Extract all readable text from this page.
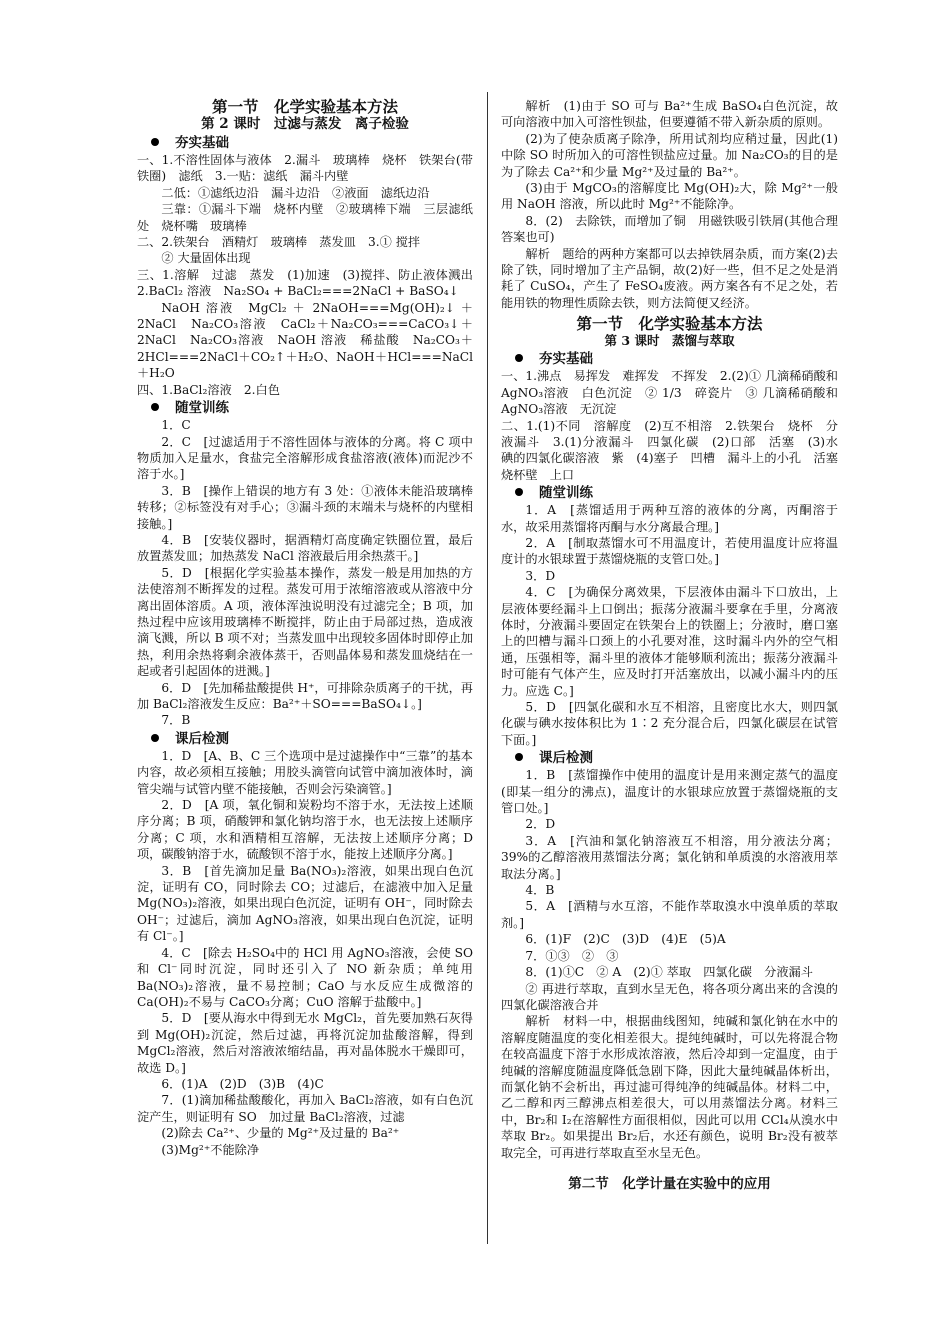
第一节　化学实验基本方法

第 2 课时　过滤与蒸发　离子检验

夯实基础

一、1.不溶性固体与液体　2.漏斗　玻璃棒　烧杯　铁架台(带铁圈)　滤纸　3.一贴：滤纸　漏斗内壁

二低：①滤纸边沿　漏斗边沿　②液面　滤纸边沿

三靠：①漏斗下端　烧杯内壁　②玻璃棒下端　三层滤纸处　烧杯嘴　玻璃棒

二、2.铁架台　酒精灯　玻璃棒　蒸发皿　3.① 搅拌

② 大量固体出现

三、1.溶解　过滤　蒸发　(1)加速　(3)搅拌、防止液体溅出　2.BaCl₂ 溶液　Na₂SO₄ + BaCl₂===2NaCl + BaSO₄↓

NaOH 溶液　MgCl₂ ＋ 2NaOH===Mg(OH)₂↓ ＋ 2NaCl　Na₂CO₃溶液　CaCl₂＋Na₂CO₃===CaCO₃↓＋2NaCl　Na₂CO₃溶液　NaOH 溶液　稀盐酸　Na₂CO₃＋2HCl===2NaCl＋CO₂↑＋H₂O、NaOH＋HCl===NaCl＋H₂O

四、1.BaCl₂溶液　2.白色

随堂训练

1．C

2．C　[过滤适用于不溶性固体与液体的分离。将 C 项中物质加入足量水，食盐完全溶解形成食盐溶液(液体)而泥沙不溶于水。]

3．B　[操作上错误的地方有 3 处：①液体未能沿玻璃棒转移；②标签没有对手心；③漏斗颈的末端未与烧杯的内壁相接触。]

4．B　[安装仪器时，据酒精灯高度确定铁圈位置，最后放置蒸发皿；加热蒸发 NaCl 溶液最后用余热蒸干。]

5．D　[根据化学实验基本操作，蒸发一般是用加热的方法使溶剂不断挥发的过程。蒸发可用于浓缩溶液或从溶液中分离出固体溶质。A 项，液体浑浊说明没有过滤完全；B 项，加热过程中应该用玻璃棒不断搅拌，防止由于局部过热，造成液滴飞溅，所以 B 项不对；当蒸发皿中出现较多固体时即停止加热，利用余热将剩余液体蒸干，否则晶体易和蒸发皿烧结在一起或者引起固体的迸溅。]

6．D　[先加稀盐酸提供 H⁺，可排除杂质离子的干扰，再加 BaCl₂溶液发生反应：Ba²⁺＋SO===BaSO₄↓。]

7．B

课后检测

1．D　[A、B、C 三个选项中是过滤操作中“三靠”的基本内容，故必须相互接触；用胶头滴管向试管中滴加液体时，滴管尖端与试管内壁不能接触，否则会污染滴管。]

2．D　[A 项，氧化铜和炭粉均不溶于水，无法按上述顺序分离；B 项，硝酸钾和氯化钠均溶于水，也无法按上述顺序分离；C 项，水和酒精相互溶解，无法按上述顺序分离；D 项，碳酸钠溶于水，硫酸钡不溶于水，能按上述顺序分离。]

3．B　[首先滴加足量 Ba(NO₃)₂溶液，如果出现白色沉淀，证明有 CO，同时除去 CO；过滤后，在滤液中加入足量 Mg(NO₃)₂溶液，如果出现白色沉淀，证明有 OH⁻，同时除去 OH⁻；过滤后，滴加 AgNO₃溶液，如果出现白色沉淀，证明有 Cl⁻。]

4．C　[除去 H₂SO₄中的 HCl 用 AgNO₃溶液，会使 SO 和 Cl⁻同时沉淀，同时还引入了 NO 新杂质；单纯用 Ba(NO₃)₂溶液，量不易控制；CaO 与水反应生成微溶的 Ca(OH)₂不易与 CaCO₃分离；CuO 溶解于盐酸中。]

5．D　[要从海水中得到无水 MgCl₂，首先要加熟石灰得到 Mg(OH)₂沉淀，然后过滤，再将沉淀加盐酸溶解，得到 MgCl₂溶液，然后对溶液浓缩结晶，再对晶体脱水干燥即可，故选 D。]

6．(1)A　(2)D　(3)B　(4)C

7．(1)滴加稀盐酸酸化，再加入 BaCl₂溶液，如有白色沉淀产生，则证明有 SO　加过量 BaCl₂溶液，过滤

(2)除去 Ca²⁺、少量的 Mg²⁺及过量的 Ba²⁺

(3)Mg²⁺不能除净

解析　(1)由于 SO 可与 Ba²⁺生成 BaSO₄白色沉淀，故可向溶液中加入可溶性钡盐，但要遵循不带入新杂质的原则。

(2)为了使杂质离子除净，所用试剂均应稍过量，因此(1)中除 SO 时所加入的可溶性钡盐应过量。加 Na₂CO₃的目的是为了除去 Ca²⁺和少量 Mg²⁺及过量的 Ba²⁺。

(3)由于 MgCO₃的溶解度比 Mg(OH)₂大，除 Mg²⁺一般用 NaOH 溶液，所以此时 Mg²⁺不能除净。

8．(2)　去除铁，而增加了铜　用磁铁吸引铁屑(其他合理答案也可)

解析　题给的两种方案都可以去掉铁屑杂质，而方案(2)去除了铁，同时增加了主产品铜，故(2)好一些，但不足之处是消耗了 CuSO₄，产生了 FeSO₄废液。两方案各有不足之处，若能用铁的物理性质除去铁，则方法简便又经济。

第一节　化学实验基本方法

第 3 课时　蒸馏与萃取

夯实基础

一、1.沸点　易挥发　难挥发　不挥发　2.(2)① 几滴稀硝酸和 AgNO₃溶液　白色沉淀　② 1/3　碎瓷片　③ 几滴稀硝酸和 AgNO₃溶液　无沉淀

二、1.(1)不同　溶解度　(2)互不相溶　2.铁架台　烧杯　分液漏斗　3.(1)分液漏斗　四氯化碳　(2)口部　活塞　(3)水　碘的四氯化碳溶液　紫　(4)塞子　凹槽　漏斗上的小孔　活塞　烧杯壁　上口

随堂训练

1．A　[蒸馏适用于两种互溶的液体的分离，丙酮溶于水，故采用蒸馏将丙酮与水分离最合理。]

2．A　[制取蒸馏水可不用温度计，若使用温度计应将温度计的水银球置于蒸馏烧瓶的支管口处。]

3．D

4．C　[为确保分离效果，下层液体由漏斗下口放出，上层液体要经漏斗上口倒出；振荡分液漏斗要拿在手里，分离液体时，分液漏斗要固定在铁架台上的铁圈上；分液时，磨口塞上的凹槽与漏斗口颈上的小孔要对准，这时漏斗内外的空气相通，压强相等，漏斗里的液体才能够顺利流出；振荡分液漏斗时可能有气体产生，应及时打开活塞放出，以减小漏斗内的压力。应选 C。]

5．D　[四氯化碳和水互不相溶，且密度比水大，则四氯化碳与碘水按体积比为 1∶2 充分混合后，四氯化碳层在试管下面。]

课后检测

1．B　[蒸馏操作中使用的温度计是用来测定蒸气的温度(即某一组分的沸点)，温度计的水银球应放置于蒸馏烧瓶的支管口处。]

2．D

3．A　[汽油和氯化钠溶液互不相溶，用分液法分离；39%的乙醇溶液用蒸馏法分离；氯化钠和单质溴的水溶液用萃取法分离。]

4．B

5．A　[酒精与水互溶，不能作萃取溴水中溴单质的萃取剂。]

6．(1)F　(2)C　(3)D　(4)E　(5)A

7．①③　②　③

8．(1)①C　② A　(2)① 萃取　四氯化碳　分液漏斗

② 再进行萃取，直到水呈无色，将各项分离出来的含溴的四氯化碳溶液合并

解析　材料一中，根据曲线图知，纯碱和氯化钠在水中的溶解度随温度的变化相差很大。提纯纯碱时，可以先将混合物在较高温度下溶于水形成浓溶液，然后冷却到一定温度，由于纯碱的溶解度随温度降低急剧下降，因此大量纯碱晶体析出，而氯化钠不会析出，再过滤可得纯净的纯碱晶体。材料二中，乙二醇和丙三醇沸点相差很大，可以用蒸馏法分离。材料三中，Br₂和 I₂在溶解性方面很相似，因此可以用 CCl₄从溴水中萃取 Br₂。如果提出 Br₂后，水还有颜色，说明 Br₂没有被萃取完全，可再进行萃取直至水呈无色。

第二节　化学计量在实验中的应用
